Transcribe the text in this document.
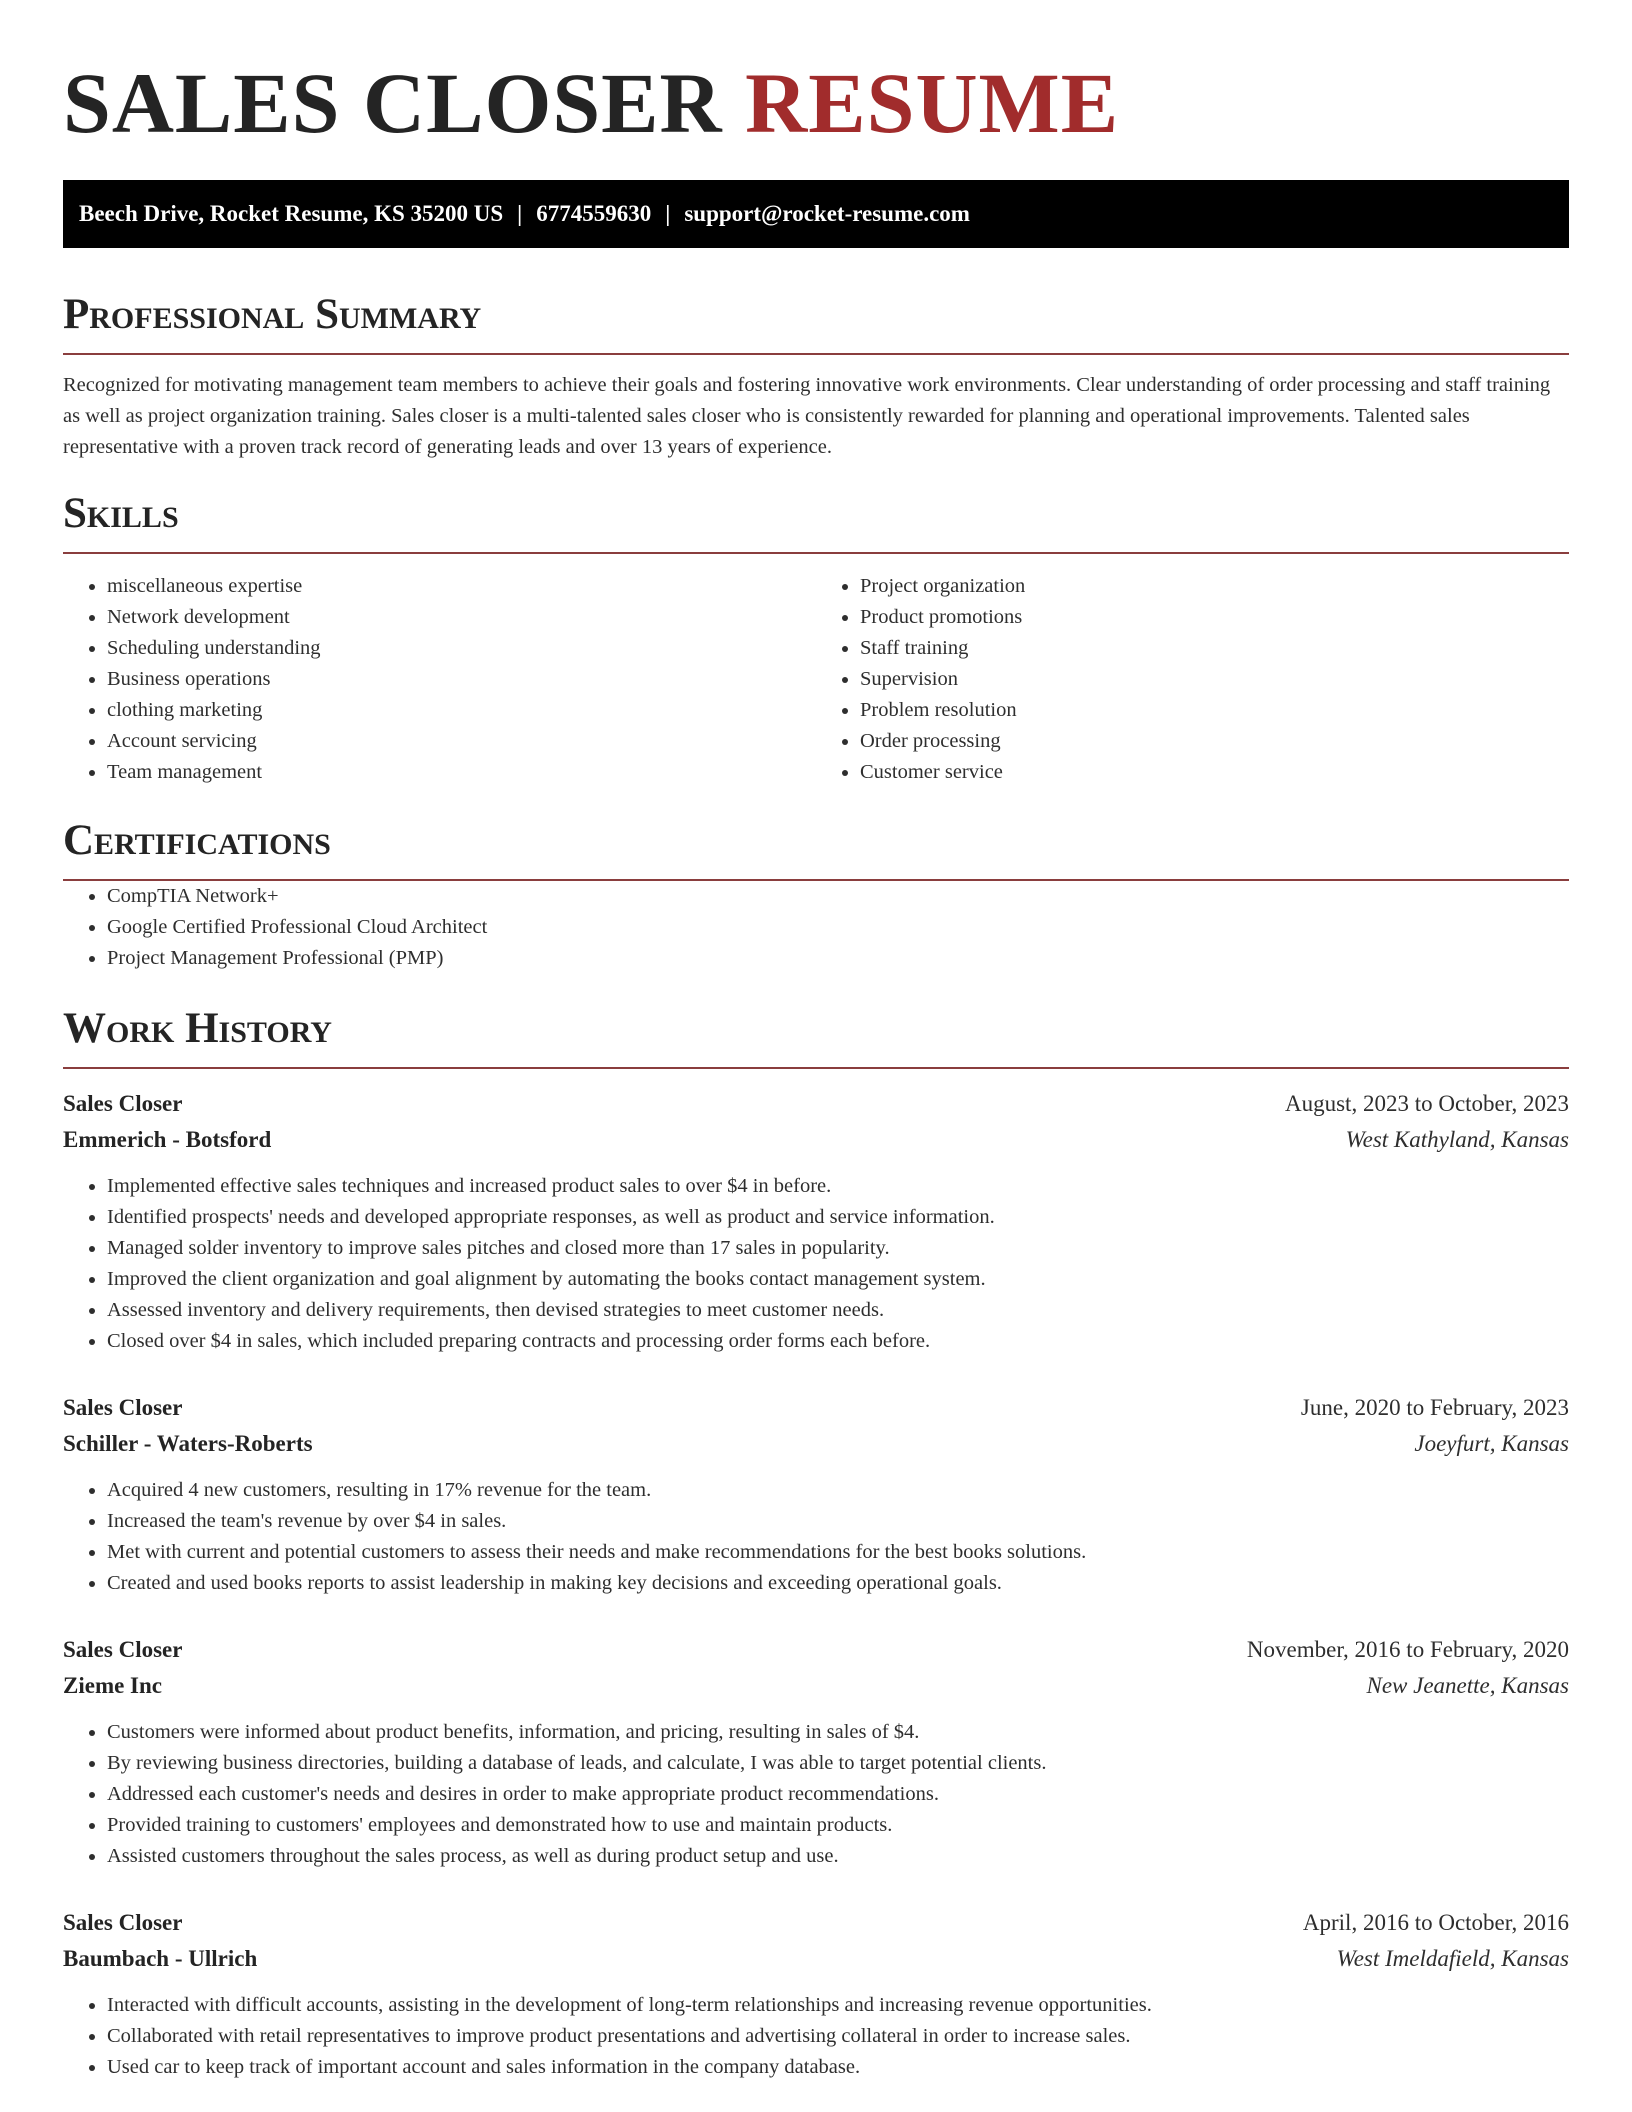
SALES CLOSER RESUME
Beech Drive, Rocket Resume, KS 35200 US | 6774559630 | support@rocket-resume.com
Professional Summary

Recognized for motivating management team members to achieve their goals and fostering innovative work environments. Clear understanding of order processing and staff training as well as project organization training. Sales closer is a multi-talented sales closer who is consistently rewarded for planning and operational improvements. Talented sales representative with a proven track record of generating leads and over 13 years of experience.

Skills
• miscellaneous expertise
• Network development
• Scheduling understanding
• Business operations
• clothing marketing
• Account servicing
• Team management
• Project organization
• Product promotions
• Staff training
• Supervision
• Problem resolution
• Order processing
• Customer service
Certifications
• CompTIA Network+
• Google Certified Professional Cloud Architect
• Project Management Professional (PMP)
Work History
Sales Closer	August, 2023 to October, 2023
Emmerich - Botsford	West Kathyland, Kansas
• Implemented effective sales techniques and increased product sales to over $4 in before.
• Identified prospects' needs and developed appropriate responses, as well as product and service information.
• Managed solder inventory to improve sales pitches and closed more than 17 sales in popularity.
• Improved the client organization and goal alignment by automating the books contact management system.
• Assessed inventory and delivery requirements, then devised strategies to meet customer needs.
• Closed over $4 in sales, which included preparing contracts and processing order forms each before.
Sales Closer	June, 2020 to February, 2023
Schiller - Waters-Roberts	Joeyfurt, Kansas
• Acquired 4 new customers, resulting in 17% revenue for the team.
• Increased the team's revenue by over $4 in sales.
• Met with current and potential customers to assess their needs and make recommendations for the best books solutions.
• Created and used books reports to assist leadership in making key decisions and exceeding operational goals.
Sales Closer	November, 2016 to February, 2020
Zieme Inc	New Jeanette, Kansas
• Customers were informed about product benefits, information, and pricing, resulting in sales of $4.
• By reviewing business directories, building a database of leads, and calculate, I was able to target potential clients.
• Addressed each customer's needs and desires in order to make appropriate product recommendations.
• Provided training to customers' employees and demonstrated how to use and maintain products.
• Assisted customers throughout the sales process, as well as during product setup and use.
Sales Closer	April, 2016 to October, 2016
Baumbach - Ullrich	West Imeldafield, Kansas
• Interacted with difficult accounts, assisting in the development of long-term relationships and increasing revenue opportunities.
• Collaborated with retail representatives to improve product presentations and advertising collateral in order to increase sales.
• Used car to keep track of important account and sales information in the company database.
